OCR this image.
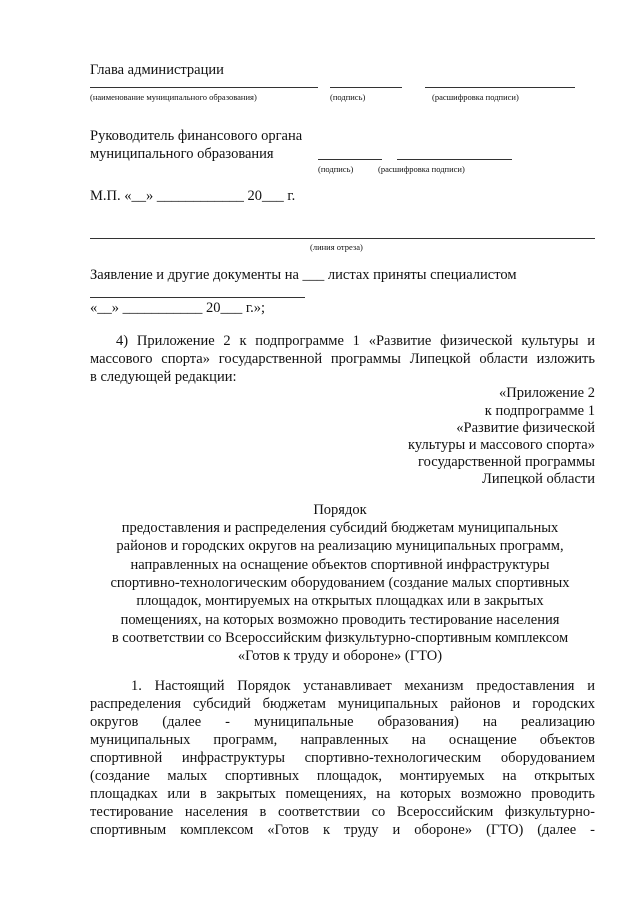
Глава администрации
(наименование муниципального образования)	(подпись)	(расшифровка подписи)
Руководитель финансового органа
муниципального образования
(подпись)	(расшифровка подписи)
М.П. «__» ____________ 20___ г.
(линия отреза)
Заявление и другие документы на ___ листах приняты специалистом
«__» ___________ 20___ г.»;
4) Приложение 2 к подпрограмме 1 «Развитие физической культуры и
массового спорта» государственной программы Липецкой области изложить
в следующей редакции:
«Приложение 2
к подпрограмме 1
«Развитие физической
культуры и массового спорта»
государственной программы
Липецкой области
Порядок
предоставления и распределения субсидий бюджетам муниципальных
районов и городских округов на реализацию муниципальных программ,
направленных на оснащение объектов спортивной инфраструктуры
спортивно-технологическим оборудованием (создание малых спортивных
площадок, монтируемых на открытых площадках или в закрытых
помещениях, на которых возможно проводить тестирование населения
в соответствии со Всероссийским физкультурно-спортивным комплексом
«Готов к труду и обороне» (ГТО)
1. Настоящий Порядок устанавливает механизм предоставления и
распределения субсидий бюджетам муниципальных районов и городских
округов (далее - муниципальные образования) на реализацию
муниципальных программ, направленных на оснащение объектов
спортивной инфраструктуры спортивно-технологическим оборудованием
(создание малых спортивных площадок, монтируемых на открытых
площадках или в закрытых помещениях, на которых возможно проводить
тестирование населения в соответствии со Всероссийским физкультурно-
спортивным комплексом «Готов к труду и обороне» (ГТО) (далее -
